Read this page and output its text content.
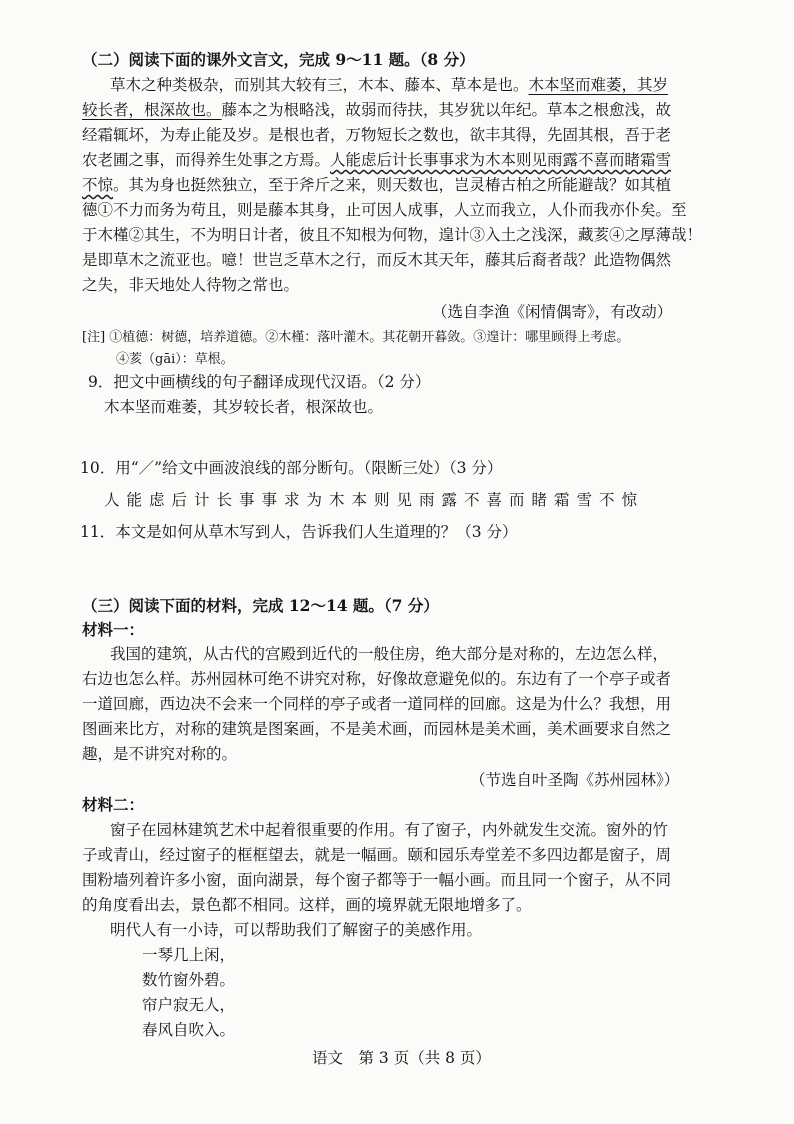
（二）阅读下面的课外文言文，完成 9～11 题。（8 分）
草木之种类极杂，而别其大较有三，木本、藤本、草本是也。木本坚而难萎，其岁
较长者，根深故也。藤本之为根略浅，故弱而待扶，其岁犹以年纪。草本之根愈浅，故
经霜辄坏，为寿止能及岁。是根也者，万物短长之数也，欲丰其得，先固其根，吾于老
农老圃之事，而得养生处事之方焉。人能虑后计长事事求为木本则见雨露不喜而睹霜雪
不惊。其为身也挺然独立，至于斧斤之来，则天数也，岂灵椿古柏之所能避哉？如其植
德①不力而务为苟且，则是藤本其身，止可因人成事，人立而我立，人仆而我亦仆矣。至
于木槿②其生，不为明日计者，彼且不知根为何物，遑计③入土之浅深，藏荄④之厚薄哉！
是即草木之流亚也。噫！世岂乏草木之行，而反木其天年，藤其后裔者哉？此造物偶然
之失，非天地处人待物之常也。
（选自李渔《闲情偶寄》，有改动）
[注] ①植德：树德，培养道德。②木槿：落叶灌木。其花朝开暮敛。③遑计：哪里顾得上考虑。
④荄（gāi）：草根。
9．把文中画横线的句子翻译成现代汉语。（2 分）
木本坚而难萎，其岁较长者，根深故也。
10．用“／”给文中画波浪线的部分断句。（限断三处）（3 分）
人能虑后计长事事求为木本则见雨露不喜而睹霜雪不惊
11．本文是如何从草木写到人，告诉我们人生道理的？（3 分）
（三）阅读下面的材料，完成 12～14 题。（7 分）
材料一：
我国的建筑，从古代的宫殿到近代的一般住房，绝大部分是对称的，左边怎么样，
右边也怎么样。苏州园林可绝不讲究对称，好像故意避免似的。东边有了一个亭子或者
一道回廊，西边决不会来一个同样的亭子或者一道同样的回廊。这是为什么？我想，用
图画来比方，对称的建筑是图案画，不是美术画，而园林是美术画，美术画要求自然之
趣，是不讲究对称的。
（节选自叶圣陶《苏州园林》）
材料二：
窗子在园林建筑艺术中起着很重要的作用。有了窗子，内外就发生交流。窗外的竹
子或青山，经过窗子的框框望去，就是一幅画。颐和园乐寿堂差不多四边都是窗子，周
围粉墙列着许多小窗，面向湖景，每个窗子都等于一幅小画。而且同一个窗子，从不同
的角度看出去，景色都不相同。这样，画的境界就无限地增多了。
明代人有一小诗，可以帮助我们了解窗子的美感作用。
一琴几上闲，
数竹窗外碧。
帘户寂无人，
春风自吹入。
语文　第 3 页（共 8 页）
